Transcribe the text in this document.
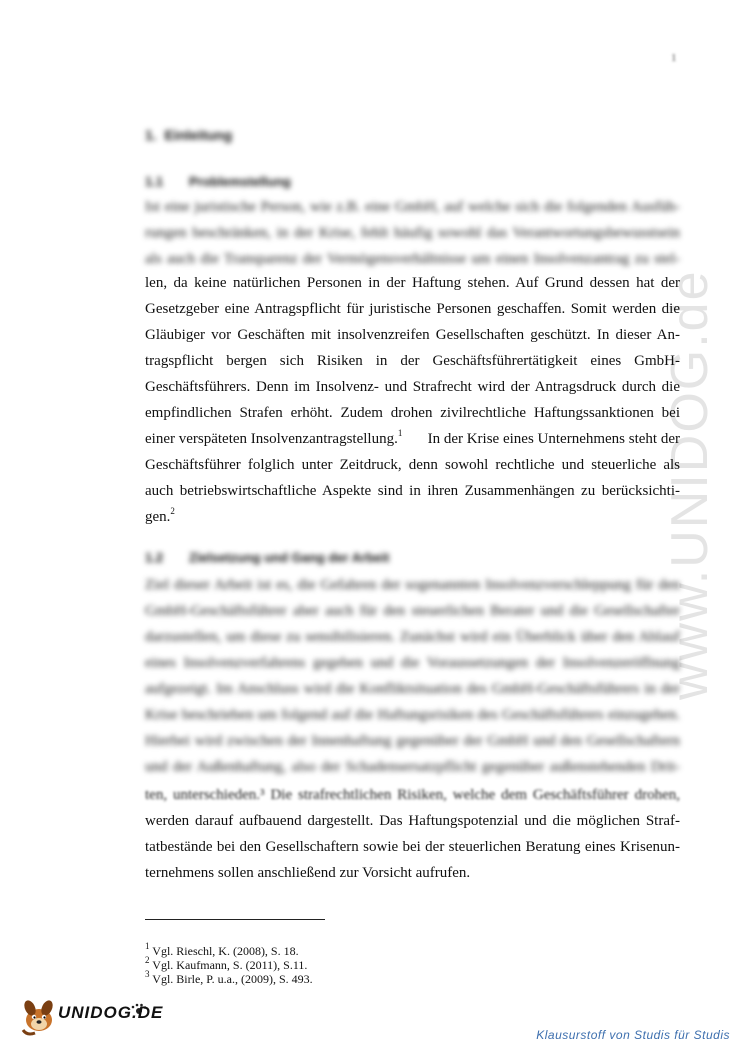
1
www.UNIDOG.de
1. Einleitung
1.1 Problemstellung
Ist eine juristische Person, wie z.B. eine GmbH, auf welche sich die folgenden Ausfüh-
rungen beschränken, in der Krise, fehlt häufig sowohl das Verantwortungsbewusstsein
als auch die Transparenz der Vermögensverhältnisse um einen Insolvenzantrag zu stel-
len, da keine natürlichen Personen in der Haftung stehen. Auf Grund dessen hat der
Gesetzgeber eine Antragspflicht für juristische Personen geschaffen. Somit werden die
Gläubiger vor Geschäften mit insolvenzreifen Gesellschaften geschützt. In dieser An-
tragspflicht bergen sich Risiken in der Geschäftsführertätigkeit eines GmbH-
Geschäftsführers. Denn im Insolvenz- und Strafrecht wird der Antragsdruck durch die
empfindlichen Strafen erhöht. Zudem drohen zivilrechtliche Haftungssanktionen bei
einer verspäteten Insolvenzantragstellung.$^1$ In der Krise eines Unternehmens steht der
Geschäftsführer folglich unter Zeitdruck, denn sowohl rechtliche und steuerliche als
auch betriebswirtschaftliche Aspekte sind in ihren Zusammenhängen zu berücksichti-
gen.$^2$
1.2 Zielsetzung und Gang der Arbeit
Ziel dieser Arbeit ist es, die Gefahren der sogenannten Insolvenzverschleppung für den
GmbH-Geschäftsführer aber auch für den steuerlichen Berater und die Gesellschafter
darzustellen, um diese zu sensibilisieren. Zunächst wird ein Überblick über den Ablauf
eines Insolvenzverfahrens gegeben und die Voraussetzungen der Insolvenzeröffnung
aufgezeigt. Im Anschluss wird die Konfliktsituation des GmbH-Geschäftsführers in der
Krise beschrieben um folgend auf die Haftungsrisiken des Geschäftsführers einzugehen.
Hierbei wird zwischen der Innenhaftung gegenüber der GmbH und den Gesellschaftern
und der Außenhaftung, also der Schadensersatzpflicht gegenüber außenstehenden Drit-
ten, unterschieden.³ Die strafrechtlichen Risiken, welche dem Geschäftsführer drohen,
werden darauf aufbauend dargestellt. Das Haftungspotenzial und die möglichen Straf-
tatbestände bei den Gesellschaftern sowie bei der steuerlichen Beratung eines Krisenun-
ternehmens sollen anschließend zur Vorsicht aufrufen.
$^1$ Vgl. Rieschl, K. (2008), S. 18.
$^2$ Vgl. Kaufmann, S. (2011), S.11.
$^3$ Vgl. Birle, P. u.a., (2009), S. 493.
UNIDOG.DE
Klausurstoff von Studis für Studis
